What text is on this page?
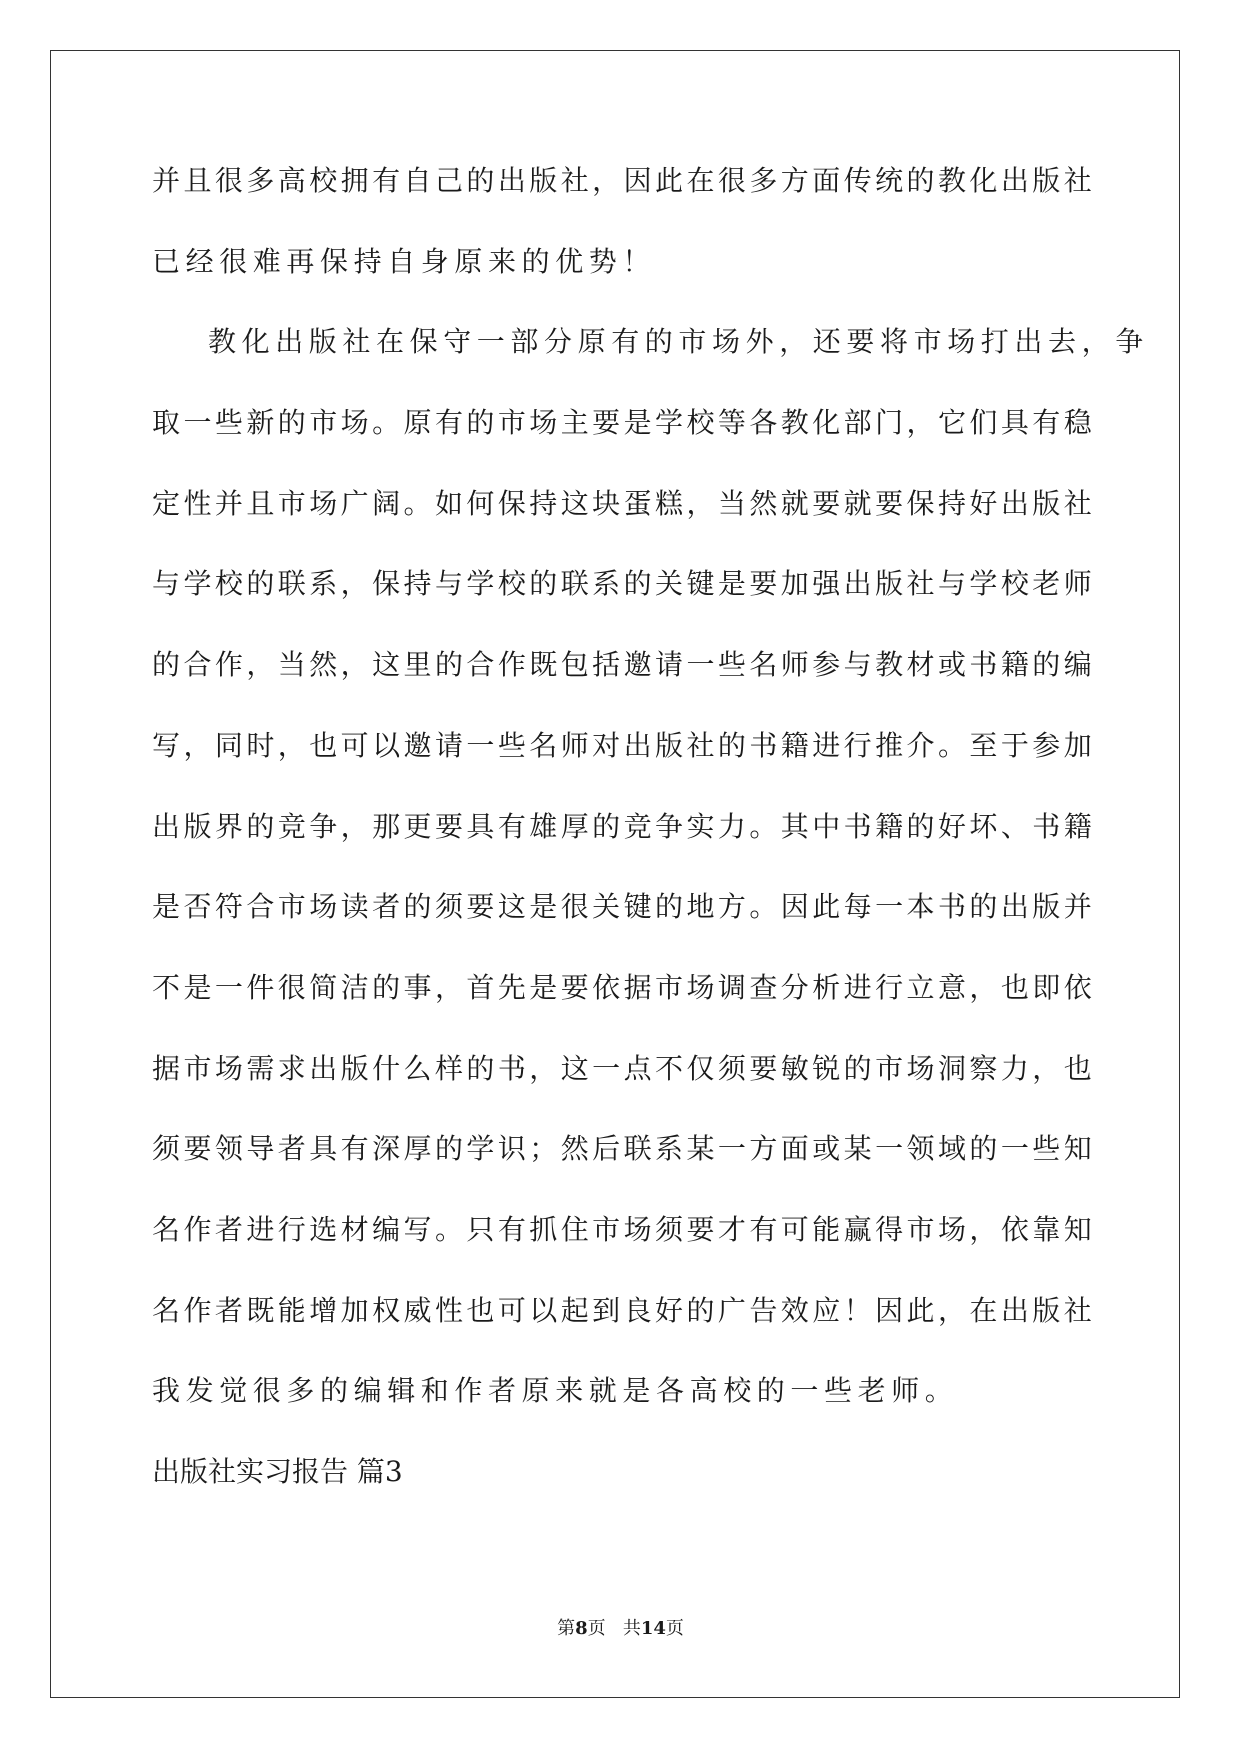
并 且 很 多 高 校 拥 有 自 己 的 出 版 社 ， 因 此 在 很 多 方 面 传 统 的 教 化 出 版 社
已经很难再保持自身原来的优势！
教化出版社在保守一部分原有的市场外，还要将市场打出去，争
取 一 些 新 的 市 场 。 原 有 的 市 场 主 要 是 学 校 等 各 教 化 部 门 ， 它 们 具 有 稳
定 性 并 且 市 场 广 阔 。 如 何 保 持 这 块 蛋 糕 ， 当 然 就 要 就 要 保 持 好 出 版 社
与 学 校 的 联 系 ， 保 持 与 学 校 的 联 系 的 关 键 是 要 加 强 出 版 社 与 学 校 老 师
的 合 作 ， 当 然 ， 这 里 的 合 作 既 包 括 邀 请 一 些 名 师 参 与 教 材 或 书 籍 的 编
写 ， 同 时 ， 也 可 以 邀 请 一 些 名 师 对 出 版 社 的 书 籍 进 行 推 介 。 至 于 参 加
出 版 界 的 竞 争 ， 那 更 要 具 有 雄 厚 的 竞 争 实 力 。 其 中 书 籍 的 好 坏 、 书 籍
是 否 符 合 市 场 读 者 的 须 要 这 是 很 关 键 的 地 方 。 因 此 每 一 本 书 的 出 版 并
不 是 一 件 很 简 洁 的 事 ， 首 先 是 要 依 据 市 场 调 查 分 析 进 行 立 意 ， 也 即 依
据 市 场 需 求 出 版 什 么 样 的 书 ， 这 一 点 不 仅 须 要 敏 锐 的 市 场 洞 察 力 ， 也
须 要 领 导 者 具 有 深 厚 的 学 识 ； 然 后 联 系 某 一 方 面 或 某 一 领 域 的 一 些 知
名 作 者 进 行 选 材 编 写 。 只 有 抓 住 市 场 须 要 才 有 可 能 赢 得 市 场 ， 依 靠 知
名 作 者 既 能 增 加 权 威 性 也 可 以 起 到 良 好 的 广 告 效 应 ！ 因 此 ， 在 出 版 社
我发觉很多的编辑和作者原来就是各高校的一些老师。
出版社实习报告 篇3
第8页 共14页
